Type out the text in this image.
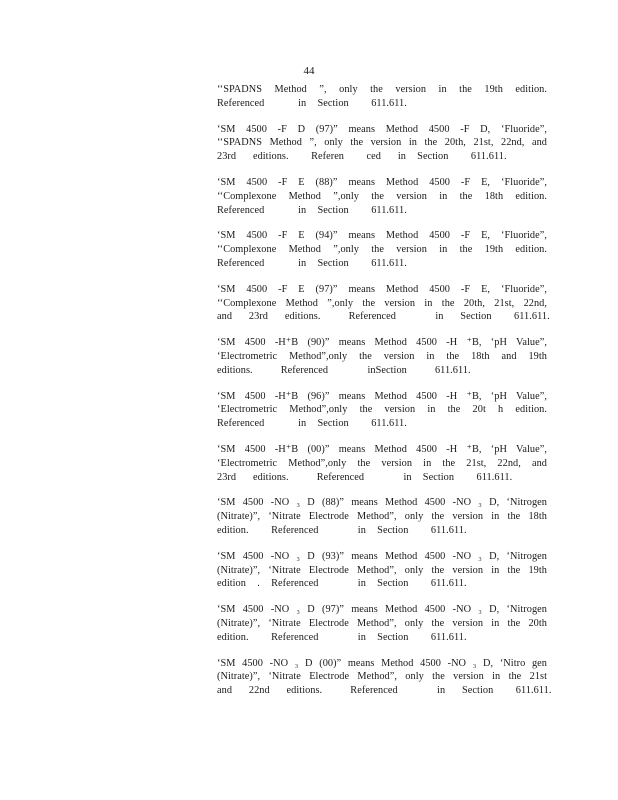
44
‘‘SPADNS Method ”, only the version in the 19th edition.
Referenced      in  Section    611.611.
‘SM 4500 -F D (97)” means Method 4500 -F D, ‘Fluoride”,
‘‘SPADNS Method ”, only the version in the 20th, 21st, 22nd, and
23rd   editions.    Referen    ced   in  Section    611.611.
‘SM 4500 -F E (88)” means Method 4500 -F E, ‘Fluoride”,
‘‘Complexone Method ”,only the version in the 18th edition.
Referenced      in  Section    611.611.
‘SM 4500 -F E (94)” means Method 4500 -F E, ‘Fluoride”,
‘‘Complexone Method ”,only the version in the 19th edition.
Referenced      in  Section    611.611.
‘SM 4500 -F E (97)” means Method 4500 -F E, ‘Fluoride”,
‘‘Complexone Method ”,only the version in the 20th, 21st, 22nd,
and   23rd   editions.     Referenced       in   Section    611.611.
‘SM 4500 -H⁺B (90)” means Method 4500 -H ⁺B, ‘pH Value”,
‘Electrometric Method”,only the version in the 18th and 19th
editions.     Referenced       inSection     611.611.
‘SM 4500 -H⁺B (96)” means Method 4500 -H ⁺B, ‘pH Value”,
‘Electrometric Method”,only the version in the 20t h edition.
Referenced      in  Section    611.611.
‘SM 4500 -H⁺B (00)” means Method 4500 -H ⁺B, ‘pH Value”,
‘Electrometric Method”,only the version in the 21st, 22nd, and
23rd   editions.     Referenced       in  Section    611.611.
‘SM 4500 -NO ₃ D (88)” means Method 4500 -NO ₃ D, ‘Nitrogen
(Nitrate)”, ‘Nitrate Electrode Method”, only the version in the 18th
edition.    Referenced       in  Section    611.611.
‘SM 4500 -NO ₃ D (93)” means Method 4500 -NO ₃ D, ‘Nitrogen
(Nitrate)”, ‘Nitrate Electrode Method”, only the version in the 19th
edition  .  Referenced       in  Section    611.611.
‘SM 4500 -NO ₃ D (97)” means Method 4500 -NO ₃ D, ‘Nitrogen
(Nitrate)”, ‘Nitrate Electrode Method”, only the version in the 20th
edition.    Referenced       in  Section    611.611.
‘SM 4500 -NO ₃ D (00)” means Method 4500 -NO ₃ D, ‘Nitro gen
(Nitrate)”, ‘Nitrate Electrode Method”, only the version in the 21st
and   22nd   editions.     Referenced       in   Section    611.611.
